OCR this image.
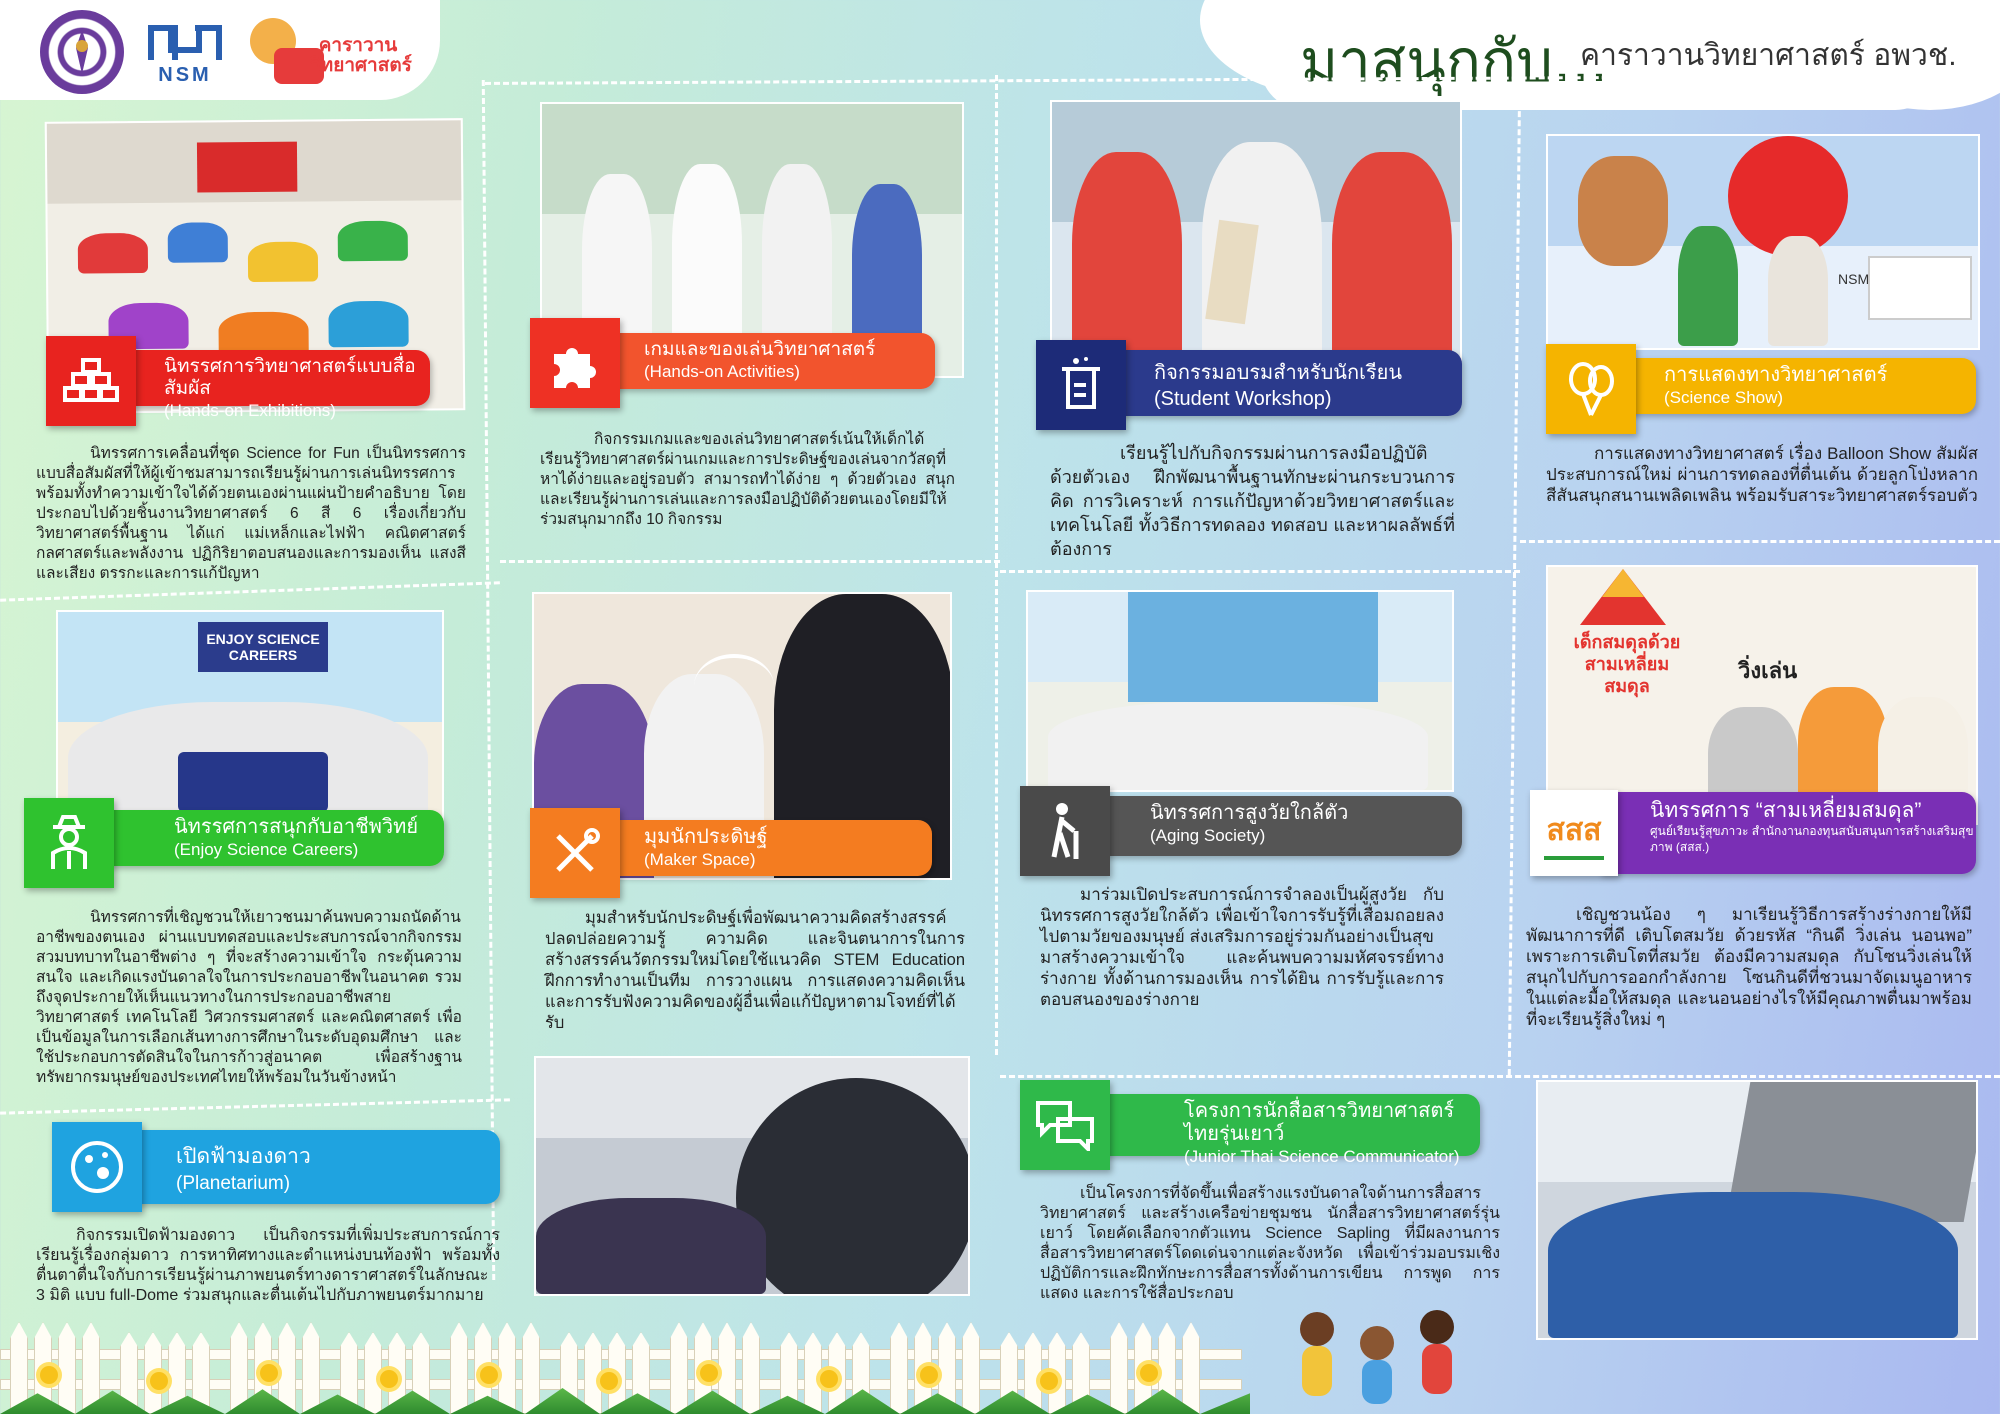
มาสนุกกับ...
คาราวานวิทยาศาสตร์ อพวช.
NSM
คาราวาน วิทยาศาสตร์
นิทรรศการวิทยาศาสตร์แบบสื่อสัมผัส
(Hands-on Exhibitions)
นิทรรศการเคลื่อนที่ชุด Science for Fun เป็นนิทรรศการแบบสื่อสัมผัสที่ให้ผู้เข้าชมสามารถเรียนรู้ผ่านการเล่นนิทรรศการ พร้อมทั้งทำความเข้าใจได้ด้วยตนเองผ่านแผ่นป้ายคำอธิบาย โดยประกอบไปด้วยชิ้นงานวิทยาศาสตร์ 6 สี 6 เรื่องเกี่ยวกับวิทยาศาสตร์พื้นฐาน ได้แก่ แม่เหล็กและไฟฟ้า คณิตศาสตร์ กลศาสตร์และพลังงาน ปฏิกิริยาตอบสนองและการมองเห็น แสงสีและเสียง ตรรกะและการแก้ปัญหา
เกมและของเล่นวิทยาศาสตร์
(Hands-on Activities)
กิจกรรมเกมและของเล่นวิทยาศาสตร์เน้นให้เด็กได้เรียนรู้วิทยาศาสตร์ผ่านเกมและการประดิษฐ์ของเล่นจากวัสดุที่หาได้ง่ายและอยู่รอบตัว สามารถทำได้ง่าย ๆ ด้วยตัวเอง สนุกและเรียนรู้ผ่านการเล่นและการลงมือปฏิบัติด้วยตนเองโดยมีให้ร่วมสนุกมากถึง 10 กิจกรรม
กิจกรรมอบรมสำหรับนักเรียน
(Student Workshop)
เรียนรู้ไปกับกิจกรรมผ่านการลงมือปฏิบัติด้วยตัวเอง ฝึกพัฒนาพื้นฐานทักษะผ่านกระบวนการคิด การวิเคราะห์ การแก้ปัญหาด้วยวิทยาศาสตร์และเทคโนโลยี ทั้งวิธีการทดลอง ทดสอบ และหาผลลัพธ์ที่ต้องการ
NSM
การแสดงทางวิทยาศาสตร์
(Science Show)
การแสดงทางวิทยาศาสตร์ เรื่อง Balloon Show สัมผัสประสบการณ์ใหม่ ผ่านการทดลองที่ตื่นเต้น ด้วยลูกโป่งหลากสีสันสนุกสนานเพลิดเพลิน พร้อมรับสาระวิทยาศาสตร์รอบตัว
ENJOY SCIENCE CAREERS
นิทรรศการสนุกกับอาชีพวิทย์
(Enjoy Science Careers)
นิทรรศการที่เชิญชวนให้เยาวชนมาค้นพบความถนัดด้านอาชีพของตนเอง ผ่านแบบทดสอบและประสบการณ์จากกิจกรรมสวมบทบาทในอาชีพต่าง ๆ ที่จะสร้างความเข้าใจ กระตุ้นความสนใจ และเกิดแรงบันดาลใจในการประกอบอาชีพในอนาคต รวมถึงจุดประกายให้เห็นแนวทางในการประกอบอาชีพสายวิทยาศาสตร์ เทคโนโลยี วิศวกรรมศาสตร์ และคณิตศาสตร์ เพื่อเป็นข้อมูลในการเลือกเส้นทางการศึกษาในระดับอุดมศึกษา และใช้ประกอบการตัดสินใจในการก้าวสู่อนาคต เพื่อสร้างฐานทรัพยากรมนุษย์ของประเทศไทยให้พร้อมในวันข้างหน้า
มุมนักประดิษฐ์
(Maker Space)
มุมสำหรับนักประดิษฐ์เพื่อพัฒนาความคิดสร้างสรรค์ ปลดปล่อยความรู้ ความคิด และจินตนาการในการสร้างสรรค์นวัตกรรมใหม่โดยใช้แนวคิด STEM Education ฝึกการทำงานเป็นทีม การวางแผน การแสดงความคิดเห็นและการรับฟังความคิดของผู้อื่นเพื่อแก้ปัญหาตามโจทย์ที่ได้รับ
นิทรรศการสูงวัยใกล้ตัว
(Aging Society)
มาร่วมเปิดประสบการณ์การจำลองเป็นผู้สูงวัย กับ นิทรรศการสูงวัยใกล้ตัว เพื่อเข้าใจการรับรู้ที่เสื่อมถอยลงไปตามวัยของมนุษย์ ส่งเสริมการอยู่ร่วมกันอย่างเป็นสุข
มาสร้างความเข้าใจ และค้นพบความมหัศจรรย์ทางร่างกาย ทั้งด้านการมองเห็น การได้ยิน การรับรู้และการ ตอบสนองของร่างกาย
เด็กสมดุลด้วย สามเหลี่ยม สมดุล
วิ่งเล่น
นิทรรศการ “สามเหลี่ยมสมดุล”

ศูนย์เรียนรู้สุขภาวะ สำนักงานกองทุนสนับสนุนการสร้างเสริมสุขภาพ (สสส.)
สสส
เชิญชวนน้อง ๆ มาเรียนรู้วิธีการสร้างร่างกายให้มีพัฒนาการที่ดี เติบโตสมวัย ด้วยรหัส “กินดี วิ่งเล่น นอนพอ” เพราะการเติบโตที่สมวัย ต้องมีความสมดุล กับโซนวิ่งเล่นให้สนุกไปกับการออกกำลังกาย โซนกินดีที่ชวนมาจัดเมนูอาหารในแต่ละมื้อให้สมดุล และนอนอย่างไรให้มีคุณภาพตื่นมาพร้อมที่จะเรียนรู้สิ่งใหม่ ๆ
เปิดฟ้ามองดาว
(Planetarium)
กิจกรรมเปิดฟ้ามองดาว เป็นกิจกรรมที่เพิ่มประสบการณ์การเรียนรู้เรื่องกลุ่มดาว การหาทิศทางและตำแหน่งบนท้องฟ้า พร้อมทั้งตื่นตาตื่นใจกับการเรียนรู้ผ่านภาพยนตร์ทางดาราศาสตร์ในลักษณะ 3 มิติ แบบ full-Dome ร่วมสนุกและตื่นเต้นไปกับภาพยนตร์มากมาย
โครงการนักสื่อสารวิทยาศาสตร์ไทยรุ่นเยาว์
(Junior Thai Science Communicator)
เป็นโครงการที่จัดขึ้นเพื่อสร้างแรงบันดาลใจด้านการสื่อสารวิทยาศาสตร์ และสร้างเครือข่ายชุมชน นักสื่อสารวิทยาศาสตร์รุ่นเยาว์ โดยคัดเลือกจากตัวแทน Science Sapling ที่มีผลงานการสื่อสารวิทยาศาสตร์โดดเด่นจากแต่ละจังหวัด เพื่อเข้าร่วมอบรมเชิงปฏิบัติการและฝึกทักษะการสื่อสารทั้งด้านการเขียน การพูด การแสดง และการใช้สื่อประกอบ
